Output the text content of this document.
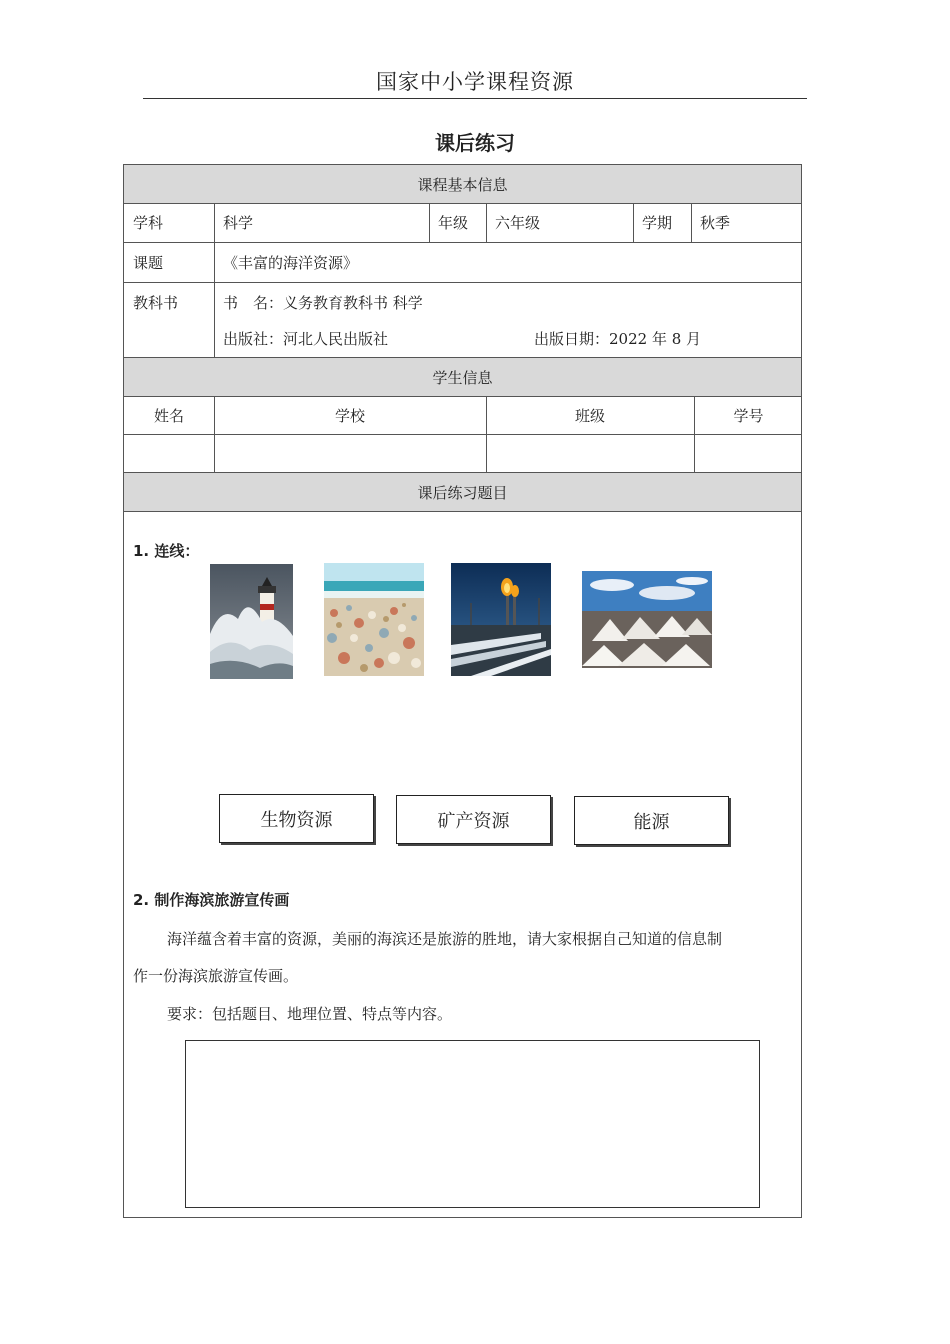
国家中小学课程资源
课后练习
课程基本信息
学科	科学	年级 六年级	学期 秋季
课题	《丰富的海洋资源》
教科书	书　名：义务教育教科书 科学
出版社：河北人民出版社	出版日期：2022 年 8 月
学生信息
姓名	学校	班级	学号
课后练习题目
1. 连线：
生物资源	矿产资源	能源
2. 制作海滨旅游宣传画
海洋蕴含着丰富的资源，美丽的海滨还是旅游的胜地，请大家根据自己知道的信息制
作一份海滨旅游宣传画。
要求：包括题目、地理位置、特点等内容。
